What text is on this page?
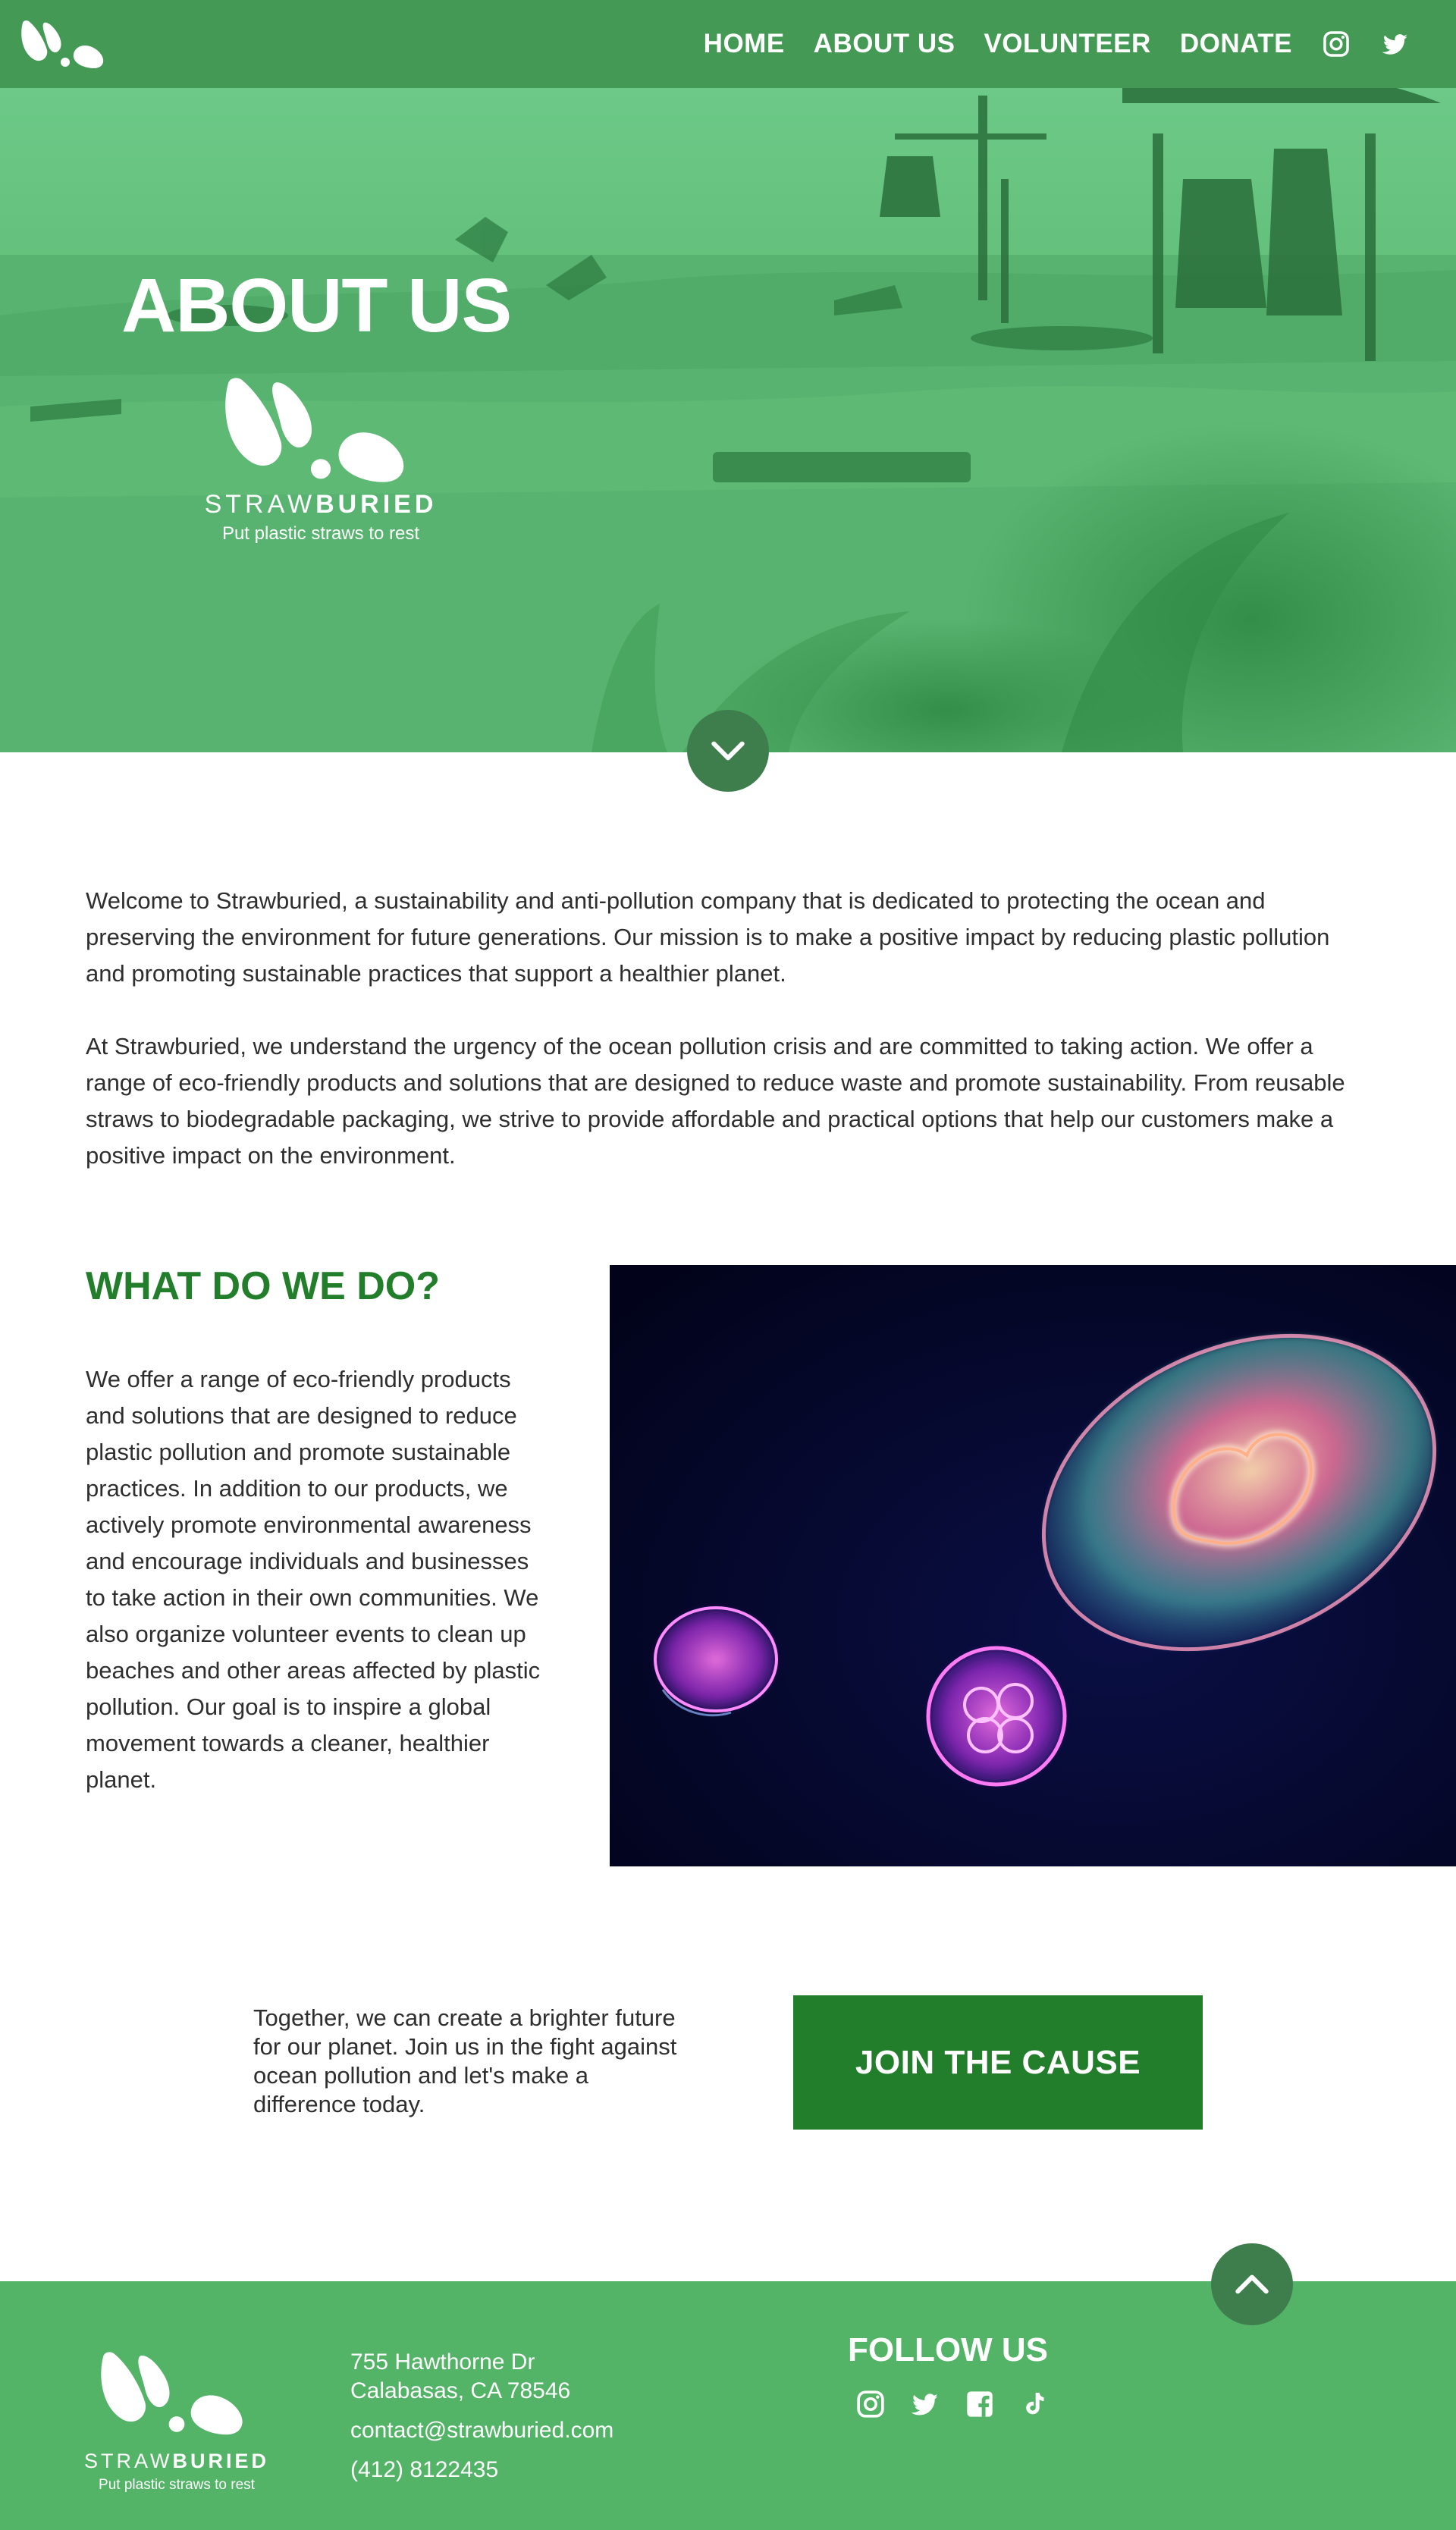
HOME ABOUT US VOLUNTEER DONATE
ABOUT US
STRAWBURIED
Put plastic straws to rest

Welcome to Strawburied, a sustainability and anti-pollution company that is dedicated to protecting the ocean and preserving the environment for future generations. Our mission is to make a positive impact by reducing plastic pollution and promoting sustainable practices that support a healthier planet.

At Strawburied, we understand the urgency of the ocean pollution crisis and are committed to taking action. We offer a range of eco-friendly products and solutions that are designed to reduce waste and promote sustainability. From reusable straws to biodegradable packaging, we strive to provide affordable and practical options that help our customers make a positive impact on the environment.

WHAT DO WE DO?

We offer a range of eco-friendly products and solutions that are designed to reduce plastic pollution and promote sustainable practices. In addition to our products, we actively promote environmental awareness and encourage individuals and businesses to take action in their own communities. We also organize volunteer events to clean up beaches and other areas affected by plastic pollution. Our goal is to inspire a global movement towards a cleaner, healthier planet.

Together, we can create a brighter future for our planet. Join us in the fight against ocean pollution and let's make a difference today.

JOIN THE CAUSE
STRAWBURIED
Put plastic straws to rest
755 Hawthorne Dr
Calabasas, CA 78546
contact@strawburied.com
(412) 8122435
FOLLOW US
